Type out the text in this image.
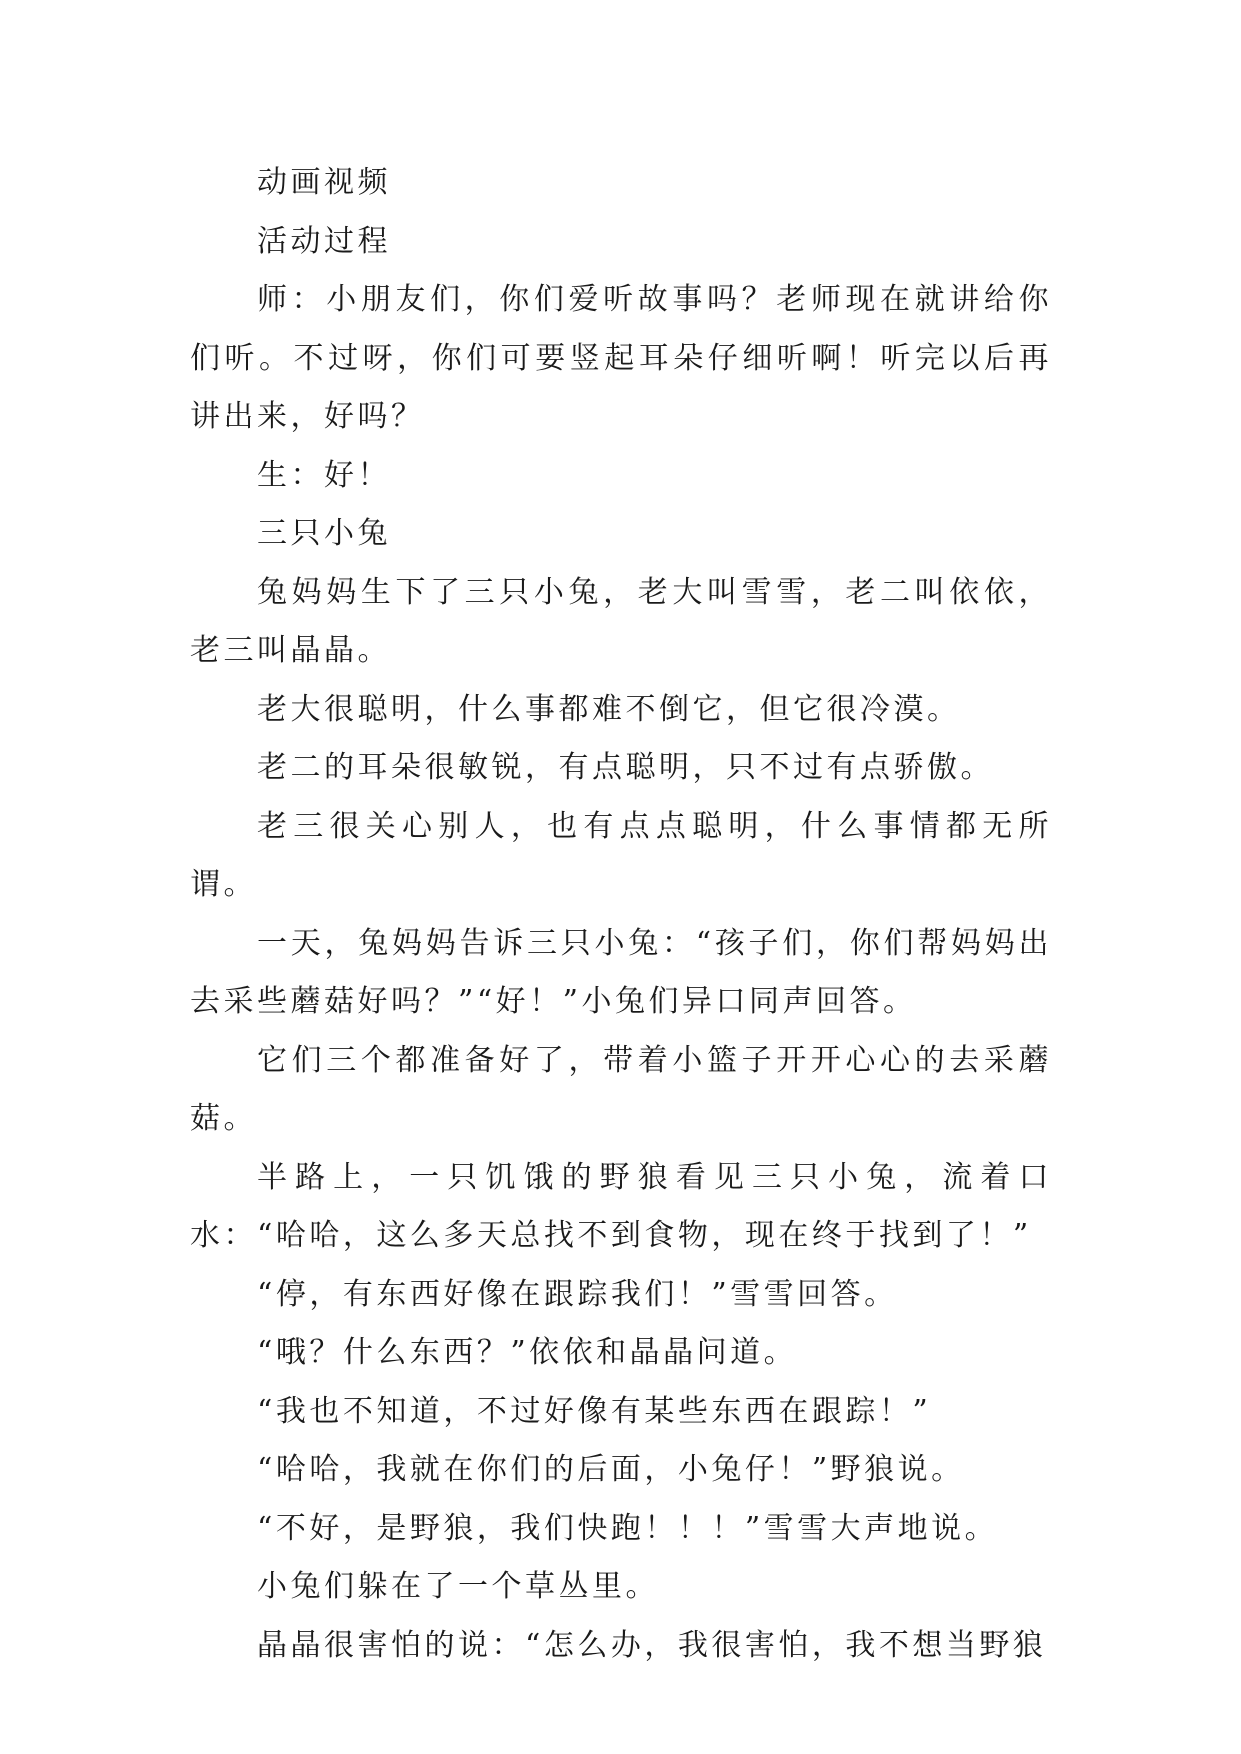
动画视频

活动过程

师：小朋友们，你们爱听故事吗？老师现在就讲给你们听。不过呀，你们可要竖起耳朵仔细听啊！听完以后再讲出来，好吗？

生：好！

三只小兔

兔妈妈生下了三只小兔，老大叫雪雪，老二叫依依，老三叫晶晶。

老大很聪明，什么事都难不倒它，但它很冷漠。

老二的耳朵很敏锐，有点聪明，只不过有点骄傲。

老三很关心别人，也有点点聪明，什么事情都无所谓。

一天，兔妈妈告诉三只小兔：“孩子们，你们帮妈妈出去采些蘑菇好吗？”“好！”小兔们异口同声回答。

它们三个都准备好了，带着小篮子开开心心的去采蘑菇。

半路上，一只饥饿的野狼看见三只小兔，流着口水：“哈哈，这么多天总找不到食物，现在终于找到了！”

“停，有东西好像在跟踪我们！”雪雪回答。

“哦？什么东西？”依依和晶晶问道。

“我也不知道，不过好像有某些东西在跟踪！”

“哈哈，我就在你们的后面，小兔仔！”野狼说。

“不好，是野狼，我们快跑！！！”雪雪大声地说。

小兔们躲在了一个草丛里。

晶晶很害怕的说：“怎么办，我很害怕，我不想当野狼
